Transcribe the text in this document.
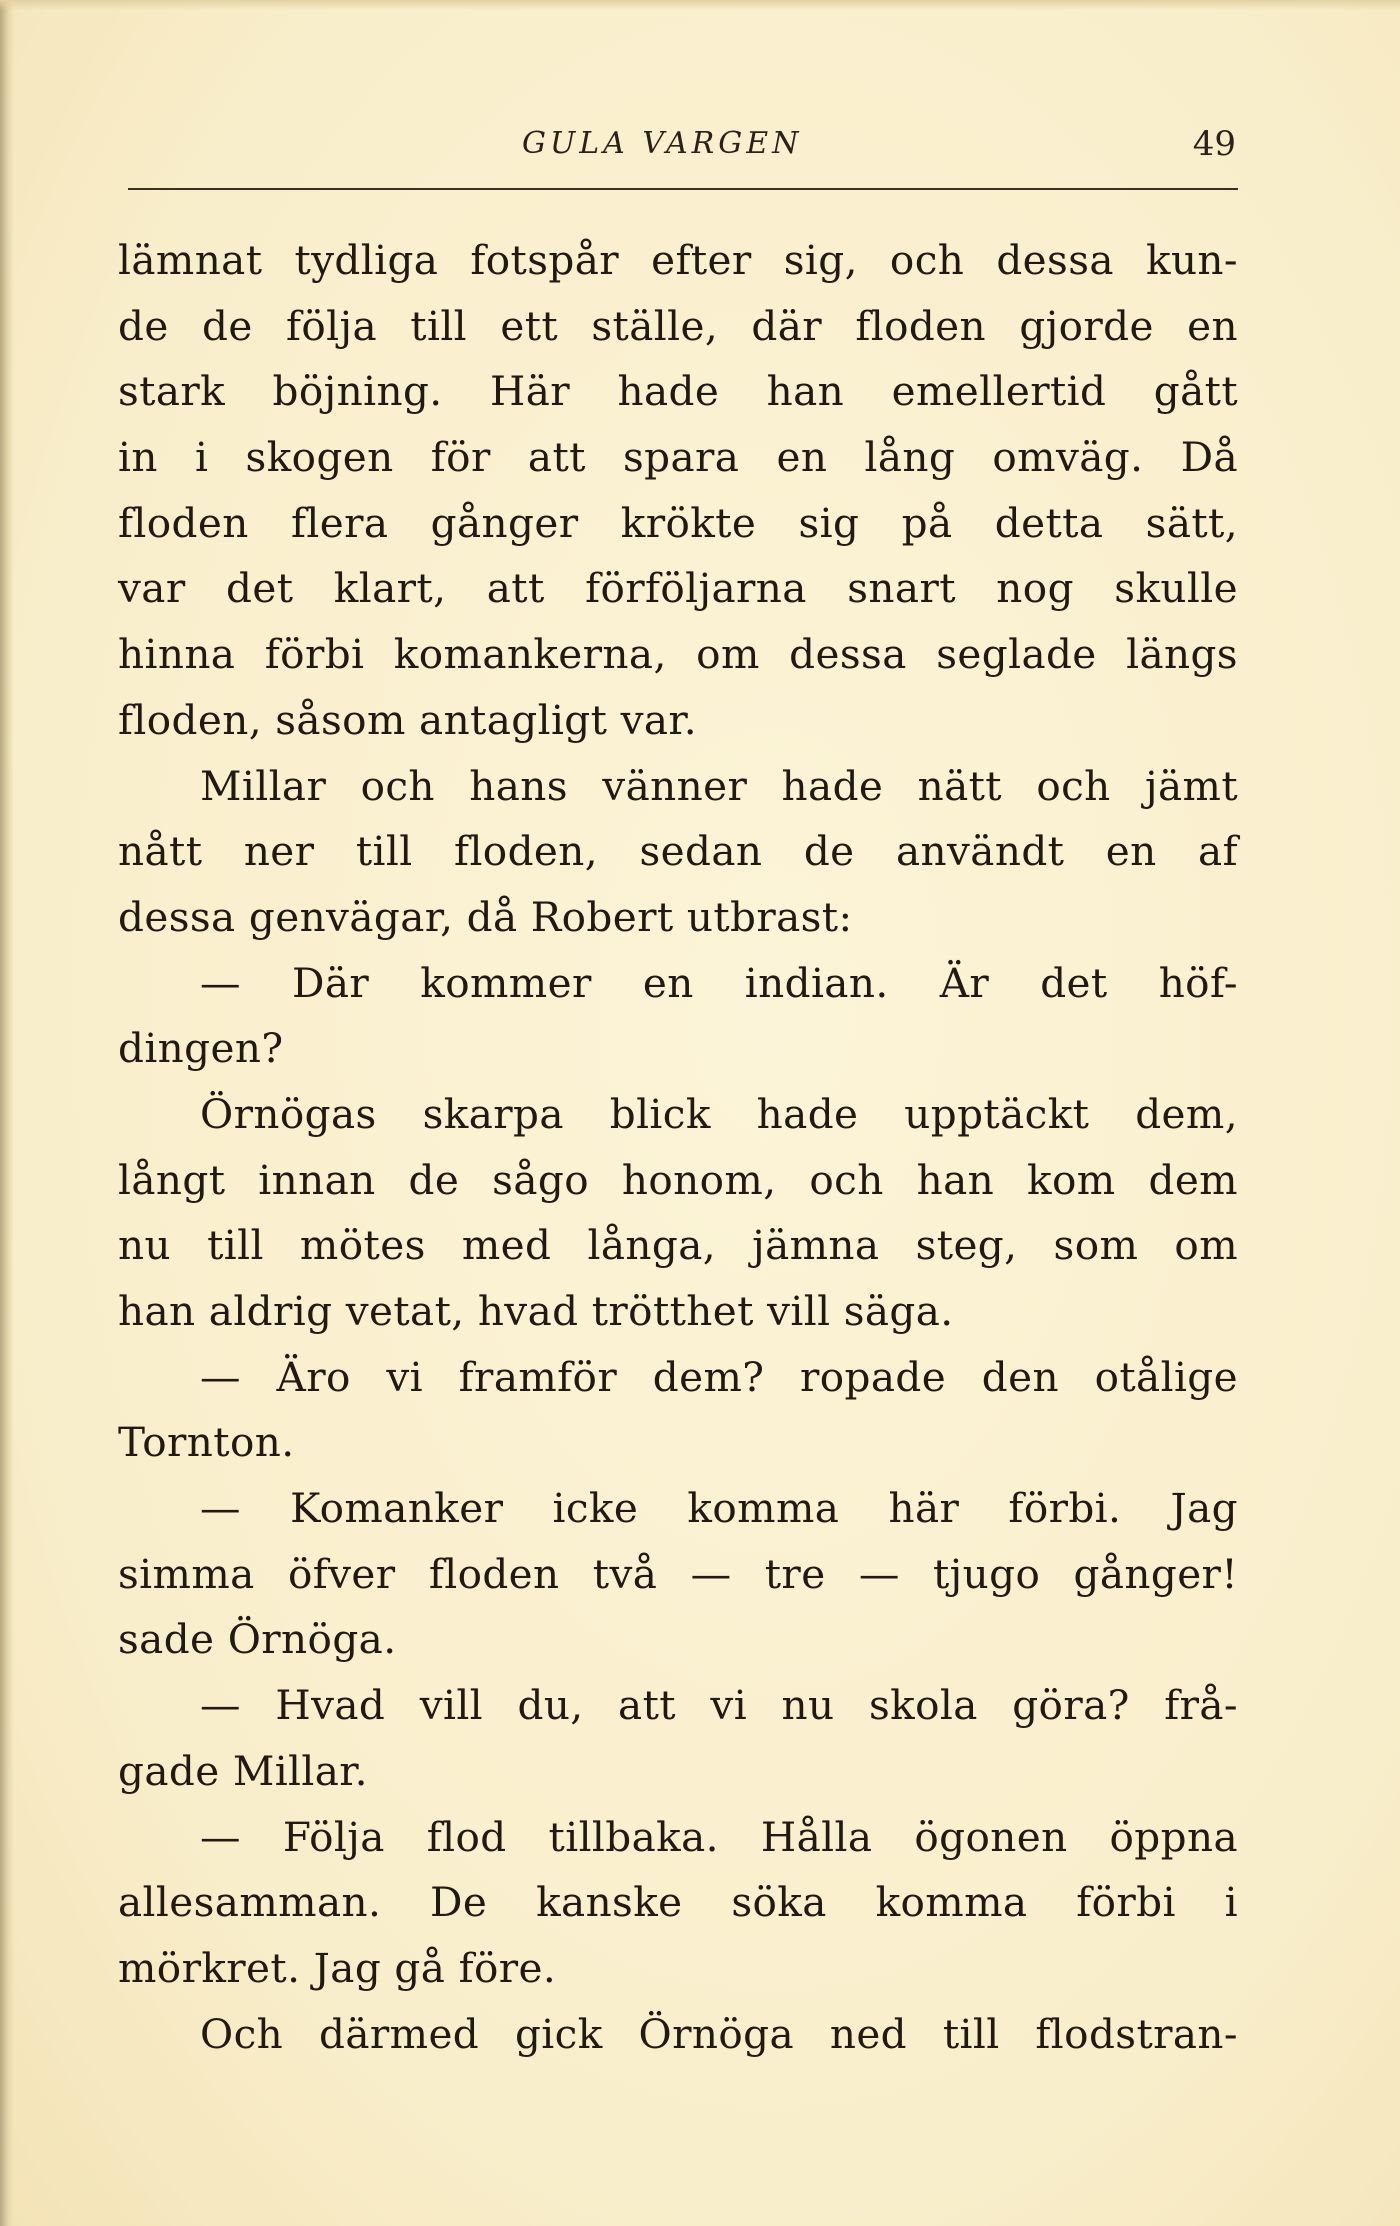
GULA VARGEN	49
lämnat tydliga fotspår efter sig, och dessa kun-
de de följa till ett ställe, där floden gjorde en
stark böjning. Här hade han emellertid gått
in i skogen för att spara en lång omväg. Då
floden flera gånger krökte sig på detta sätt,
var det klart, att förföljarna snart nog skulle
hinna förbi komankerna, om dessa seglade längs
floden, såsom antagligt var.
Millar och hans vänner hade nätt och jämt
nått ner till floden, sedan de användt en af
dessa genvägar, då Robert utbrast:
— Där kommer en indian. Är det höf-
dingen?
Örnögas skarpa blick hade upptäckt dem,
långt innan de sågo honom, och han kom dem
nu till mötes med långa, jämna steg, som om
han aldrig vetat, hvad trötthet vill säga.
— Äro vi framför dem? ropade den otålige
Tornton.
— Komanker icke komma här förbi. Jag
simma öfver floden två — tre — tjugo gånger!
sade Örnöga.
— Hvad vill du, att vi nu skola göra? frå-
gade Millar.
— Följa flod tillbaka. Hålla ögonen öppna
allesamman. De kanske söka komma förbi i
mörkret. Jag gå före.
Och därmed gick Örnöga ned till flodstran-
